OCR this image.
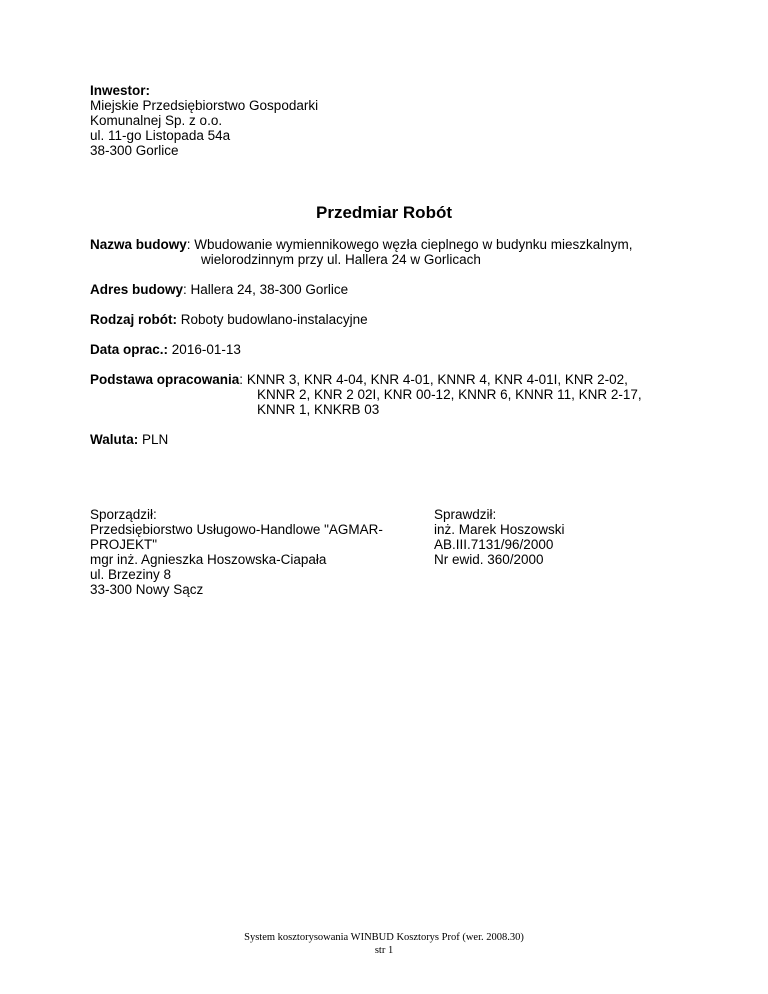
Inwestor:
Miejskie Przedsiębiorstwo Gospodarki
Komunalnej Sp. z o.o.
ul. 11-go Listopada 54a
38-300 Gorlice
Przedmiar Robót
Nazwa budowy: Wbudowanie wymiennikowego węzła cieplnego w budynku mieszkalnym,
wielorodzinnym przy ul. Hallera 24 w Gorlicach
Adres budowy: Hallera 24, 38-300 Gorlice
Rodzaj robót: Roboty budowlano-instalacyjne
Data oprac.: 2016-01-13
Podstawa opracowania: KNNR 3, KNR 4-04, KNR 4-01, KNNR 4, KNR 4-01I, KNR 2-02,
KNNR 2, KNR 2 02I, KNR 00-12, KNNR 6, KNNR 11, KNR 2-17,
KNNR 1, KNKRB 03
Waluta: PLN
Sporządził:
Przedsiębiorstwo Usługowo-Handlowe "AGMAR-
PROJEKT"
mgr inż. Agnieszka Hoszowska-Ciapała
ul. Brzeziny 8
33-300 Nowy Sącz
Sprawdził:
inż. Marek Hoszowski
AB.III.7131/96/2000
Nr ewid. 360/2000
System kosztorysowania WINBUD Kosztorys Prof (wer. 2008.30)
str 1
